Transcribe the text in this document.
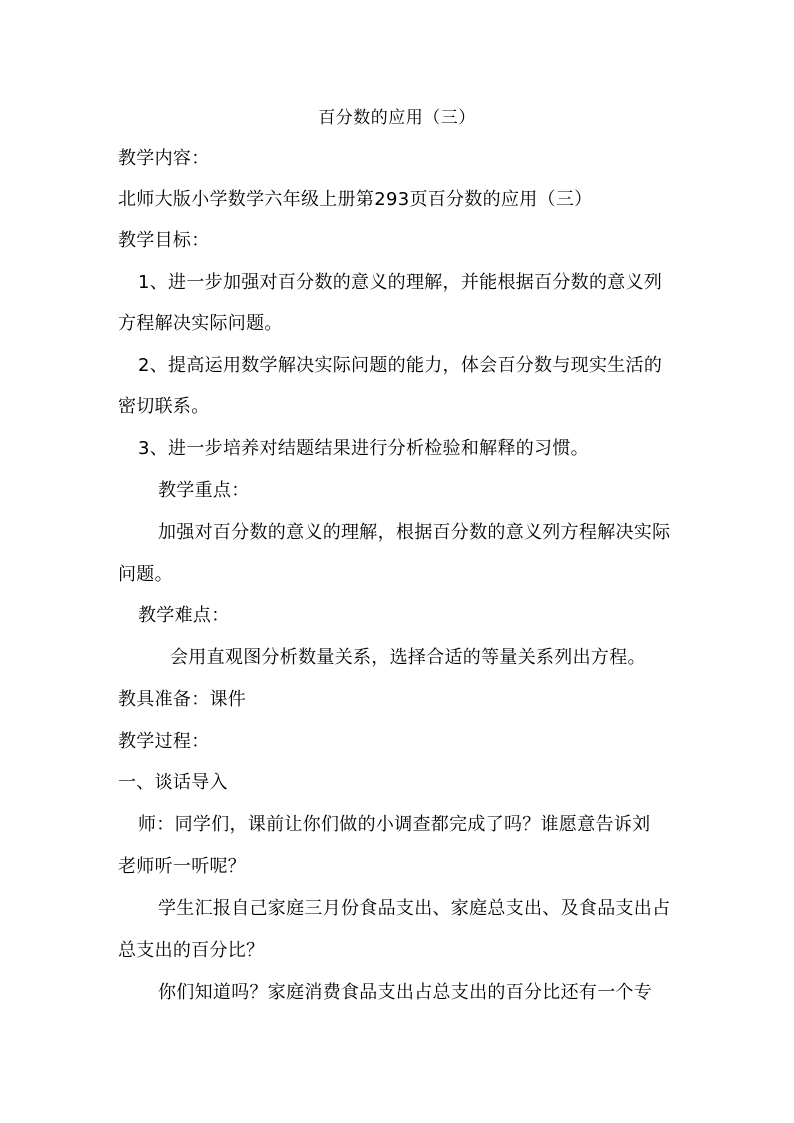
百分数的应用（三）
教学内容：
北师大版小学数学六年级上册第293页百分数的应用（三）
教学目标：
1、进一步加强对百分数的意义的理解，并能根据百分数的意义列
方程解决实际问题。
2、提高运用数学解决实际问题的能力，体会百分数与现实生活的
密切联系。
3、进一步培养对结题结果进行分析检验和解释的习惯。
教学重点：
加强对百分数的意义的理解，根据百分数的意义列方程解决实际
问题。
教学难点：
会用直观图分析数量关系，选择合适的等量关系列出方程。
教具准备：课件
教学过程：
一、谈话导入
师：同学们，课前让你们做的小调查都完成了吗？谁愿意告诉刘
老师听一听呢？
学生汇报自己家庭三月份食品支出、家庭总支出、及食品支出占
总支出的百分比？
你们知道吗？家庭消费食品支出占总支出的百分比还有一个专
